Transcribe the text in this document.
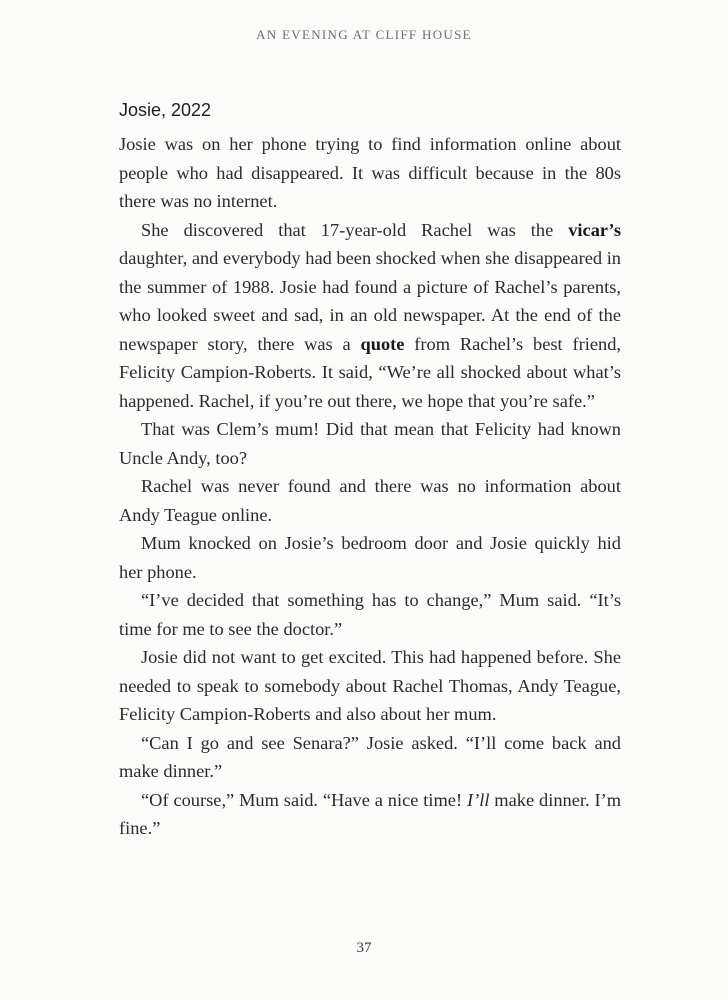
AN EVENING AT CLIFF HOUSE
Josie, 2022

Josie was on her phone trying to find information online about people who had disappeared. It was difficult because in the 80s there was no internet.

She discovered that 17-year-old Rachel was the vicar’s daughter, and everybody had been shocked when she disappeared in the summer of 1988. Josie had found a picture of Rachel’s parents, who looked sweet and sad, in an old newspaper. At the end of the newspaper story, there was a quote from Rachel’s best friend, Felicity Campion-Roberts. It said, “We’re all shocked about what’s happened. Rachel, if you’re out there, we hope that you’re safe.”

That was Clem’s mum! Did that mean that Felicity had known Uncle Andy, too?

Rachel was never found and there was no information about Andy Teague online.

Mum knocked on Josie’s bedroom door and Josie quickly hid her phone.

“I’ve decided that something has to change,” Mum said. “It’s time for me to see the doctor.”

Josie did not want to get excited. This had happened before. She needed to speak to somebody about Rachel Thomas, Andy Teague, Felicity Campion-Roberts and also about her mum.

“Can I go and see Senara?” Josie asked. “I’ll come back and make dinner.”

“Of course,” Mum said. “Have a nice time! I’ll make dinner. I’m fine.”

37
